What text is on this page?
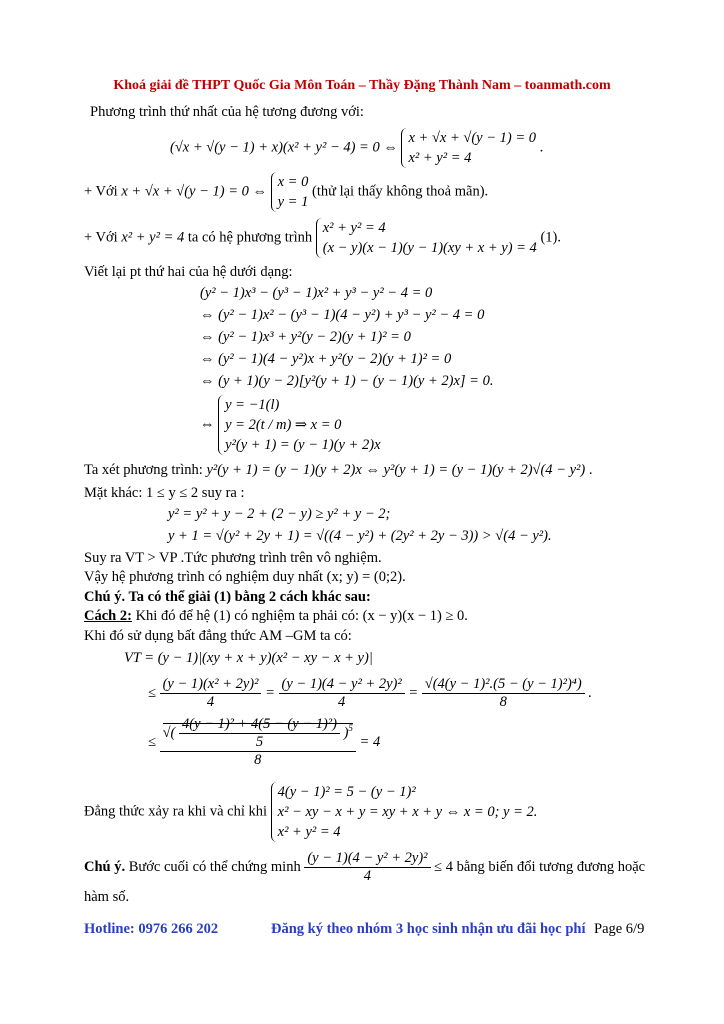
Khoá giải đề THPT Quốc Gia Môn Toán – Thầy Đặng Thành Nam – toanmath.com
Phương trình thứ nhất của hệ tương đương với:
(√x + √(y − 1) + x)(x² + y² − 4) = 0 ⇔
x + √x + √(y − 1) = 0
x² + y² = 4
.
+ Với x + √x + √(y − 1) = 0 ⇔
x = 0
y = 1
(thử lại thấy không thoả mãn).
+ Với x² + y² = 4 ta có hệ phương trình
x² + y² = 4
(x − y)(x − 1)(y − 1)(xy + x + y) = 4
(1).
Viết lại pt thứ hai của hệ dưới dạng:
(y² − 1)x³ − (y³ − 1)x² + y³ − y² − 4 = 0
⇔ (y² − 1)x² − (y³ − 1)(4 − y²) + y³ − y² − 4 = 0
⇔ (y² − 1)x³ + y²(y − 2)(y + 1)² = 0
⇔ (y² − 1)(4 − y²)x + y²(y − 2)(y + 1)² = 0
⇔ (y + 1)(y − 2)[y²(y + 1) − (y − 1)(y + 2)x] = 0.
⇔
y = −1(l)
y = 2(t / m) ⇒ x = 0
y²(y + 1) = (y − 1)(y + 2)x
Ta xét phương trình: y²(y + 1) = (y − 1)(y + 2)x ⇔ y²(y + 1) = (y − 1)(y + 2)√(4 − y²) .
Mặt khác: 1 ≤ y ≤ 2 suy ra :
y² = y² + y − 2 + (2 − y) ≥ y² + y − 2;
y + 1 = √(y² + 2y + 1) = √((4 − y²) + (2y² + 2y − 3)) > √(4 − y²).
Suy ra VT > VP .Tức phương trình trên vô nghiệm.
Vậy hệ phương trình có nghiệm duy nhất (x; y) = (0;2).
Chú ý. Ta có thể giải (1) bằng 2 cách khác sau:
Cách 2: Khi đó để hệ (1) có nghiệm ta phải có: (x − y)(x − 1) ≥ 0.
Khi đó sử dụng bất đẳng thức AM –GM ta có:
VT = (y − 1)|(xy + x + y)(x² − xy − x + y)|
≤ $\frac{\text{(y − 1)(x² + 2y)²}}{4} = \frac{\text{(y − 1)(4 − y² + 2y)²}}{4} = \frac{\text{√(4(y − 1)².(5 − (y − 1)²)⁴)}}{8}$ .
≤ $\frac{√( \frac{\text{4(y − 1)² + 4(5 − (y − 1)²)}}{5} )^5}{8} = 4$
Đẳng thức xảy ra khi và chỉ khi
4(y − 1)² = 5 − (y − 1)²
x² − xy − x + y = xy + x + y ⇔ x = 0; y = 2.
x² + y² = 4
Chú ý. Bước cuối có thể chứng minh $\frac{\text{(y − 1)(4 − y² + 2y)²}}{4} \le 4$ bằng biến đổi tương đương hoặc
hàm số.
Hotline: 0976 266 202	Đăng ký theo nhóm 3 học sinh nhận ưu đãi học phí Page 6/9
